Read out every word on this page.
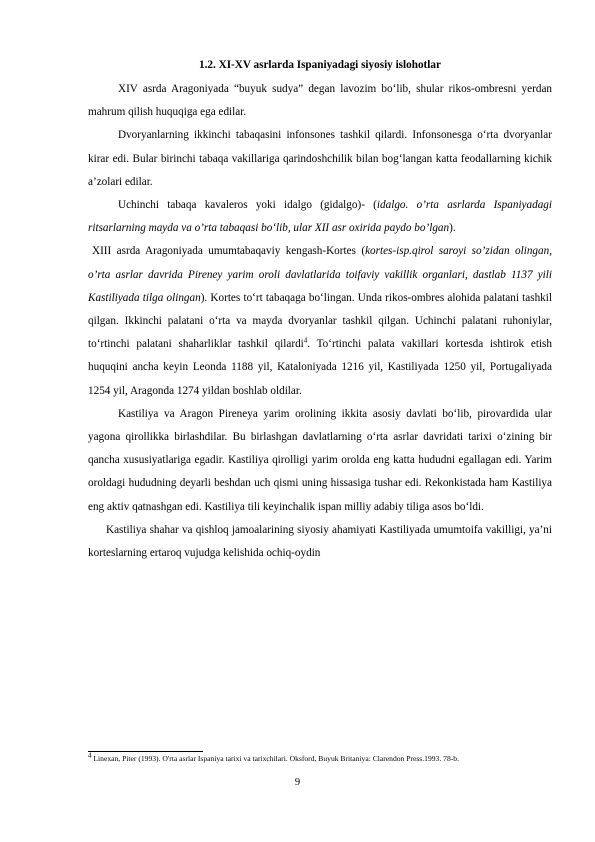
1.2. XI-XV asrlarda Ispaniyadagi siyosiy islohotlar

XIV asrda Aragoniyada “buyuk sudya” degan lavozim bo‘lib, shular rikos-ombresni yerdan mahrum qilish huquqiga ega edilar.

Dvoryanlarning ikkinchi tabaqasini infonsones tashkil qilardi. Infonsonesga o‘rta dvoryanlar kirar edi. Bular birinchi tabaqa vakillariga qarindoshchilik bilan bog‘langan katta feodallarning kichik a’zolari edilar.

Uchinchi tabaqa kavaleros yoki idalgo (gidalgo)- (idalgo. o’rta asrlarda Ispaniyadagi ritsarlarning mayda va o’rta tabaqasi bo‘lib, ular XII asr oxirida paydo bo’lgan).

XIII asrda Aragoniyada umumtabaqaviy kengash-Kortes (kortes-isp.qirol saroyi so’zidan olingan, o’rta asrlar davrida Pireney yarim oroli davlatlarida toifaviy vakillik organlari, dastlab 1137 yili Kastiliyada tilga olingan). Kortes to‘rt tabaqaga bo‘lingan. Unda rikos-ombres alohida palatani tashkil qilgan. Ikkinchi palatani o‘rta va mayda dvoryanlar tashkil qilgan. Uchinchi palatani ruhoniylar, to‘rtinchi palatani shaharliklar tashkil qilardi$^4$. To‘rtinchi palata vakillari kortesda ishtirok etish huquqini ancha keyin Leonda 1188 yil, Kataloniyada 1216 yil, Kastiliyada 1250 yil, Portugaliyada 1254 yil, Aragonda 1274 yildan boshlab oldilar.

Kastiliya va Aragon Pireneya yarim orolining ikkita asosiy davlati bo‘lib, pirovardida ular yagona qirollikka birlashdilar. Bu birlashgan davlatlarning o‘rta asrlar davridati tarixi o‘zining bir qancha xususiyatlariga egadir. Kastiliya qirolligi yarim orolda eng katta hududni egallagan edi. Yarim oroldagi hududning deyarli beshdan uch qismi uning hissasiga tushar edi. Rekonkistada ham Kastiliya eng aktiv qatnashgan edi. Kastiliya tili keyinchalik ispan milliy adabiy tiliga asos bo‘ldi.

Kastiliya shahar va qishloq jamoalarining siyosiy ahamiyati Kastiliyada umumtoifa vakilligi, ya’ni korteslarning ertaroq vujudga kelishida ochiq-oydin

$^4$ Linexan, Piter (1993). O'rta asrlar Ispaniya tarixi va tarixchilari. Oksford, Buyuk Britaniya: Clarendon Press.1993. 78-b.
9
